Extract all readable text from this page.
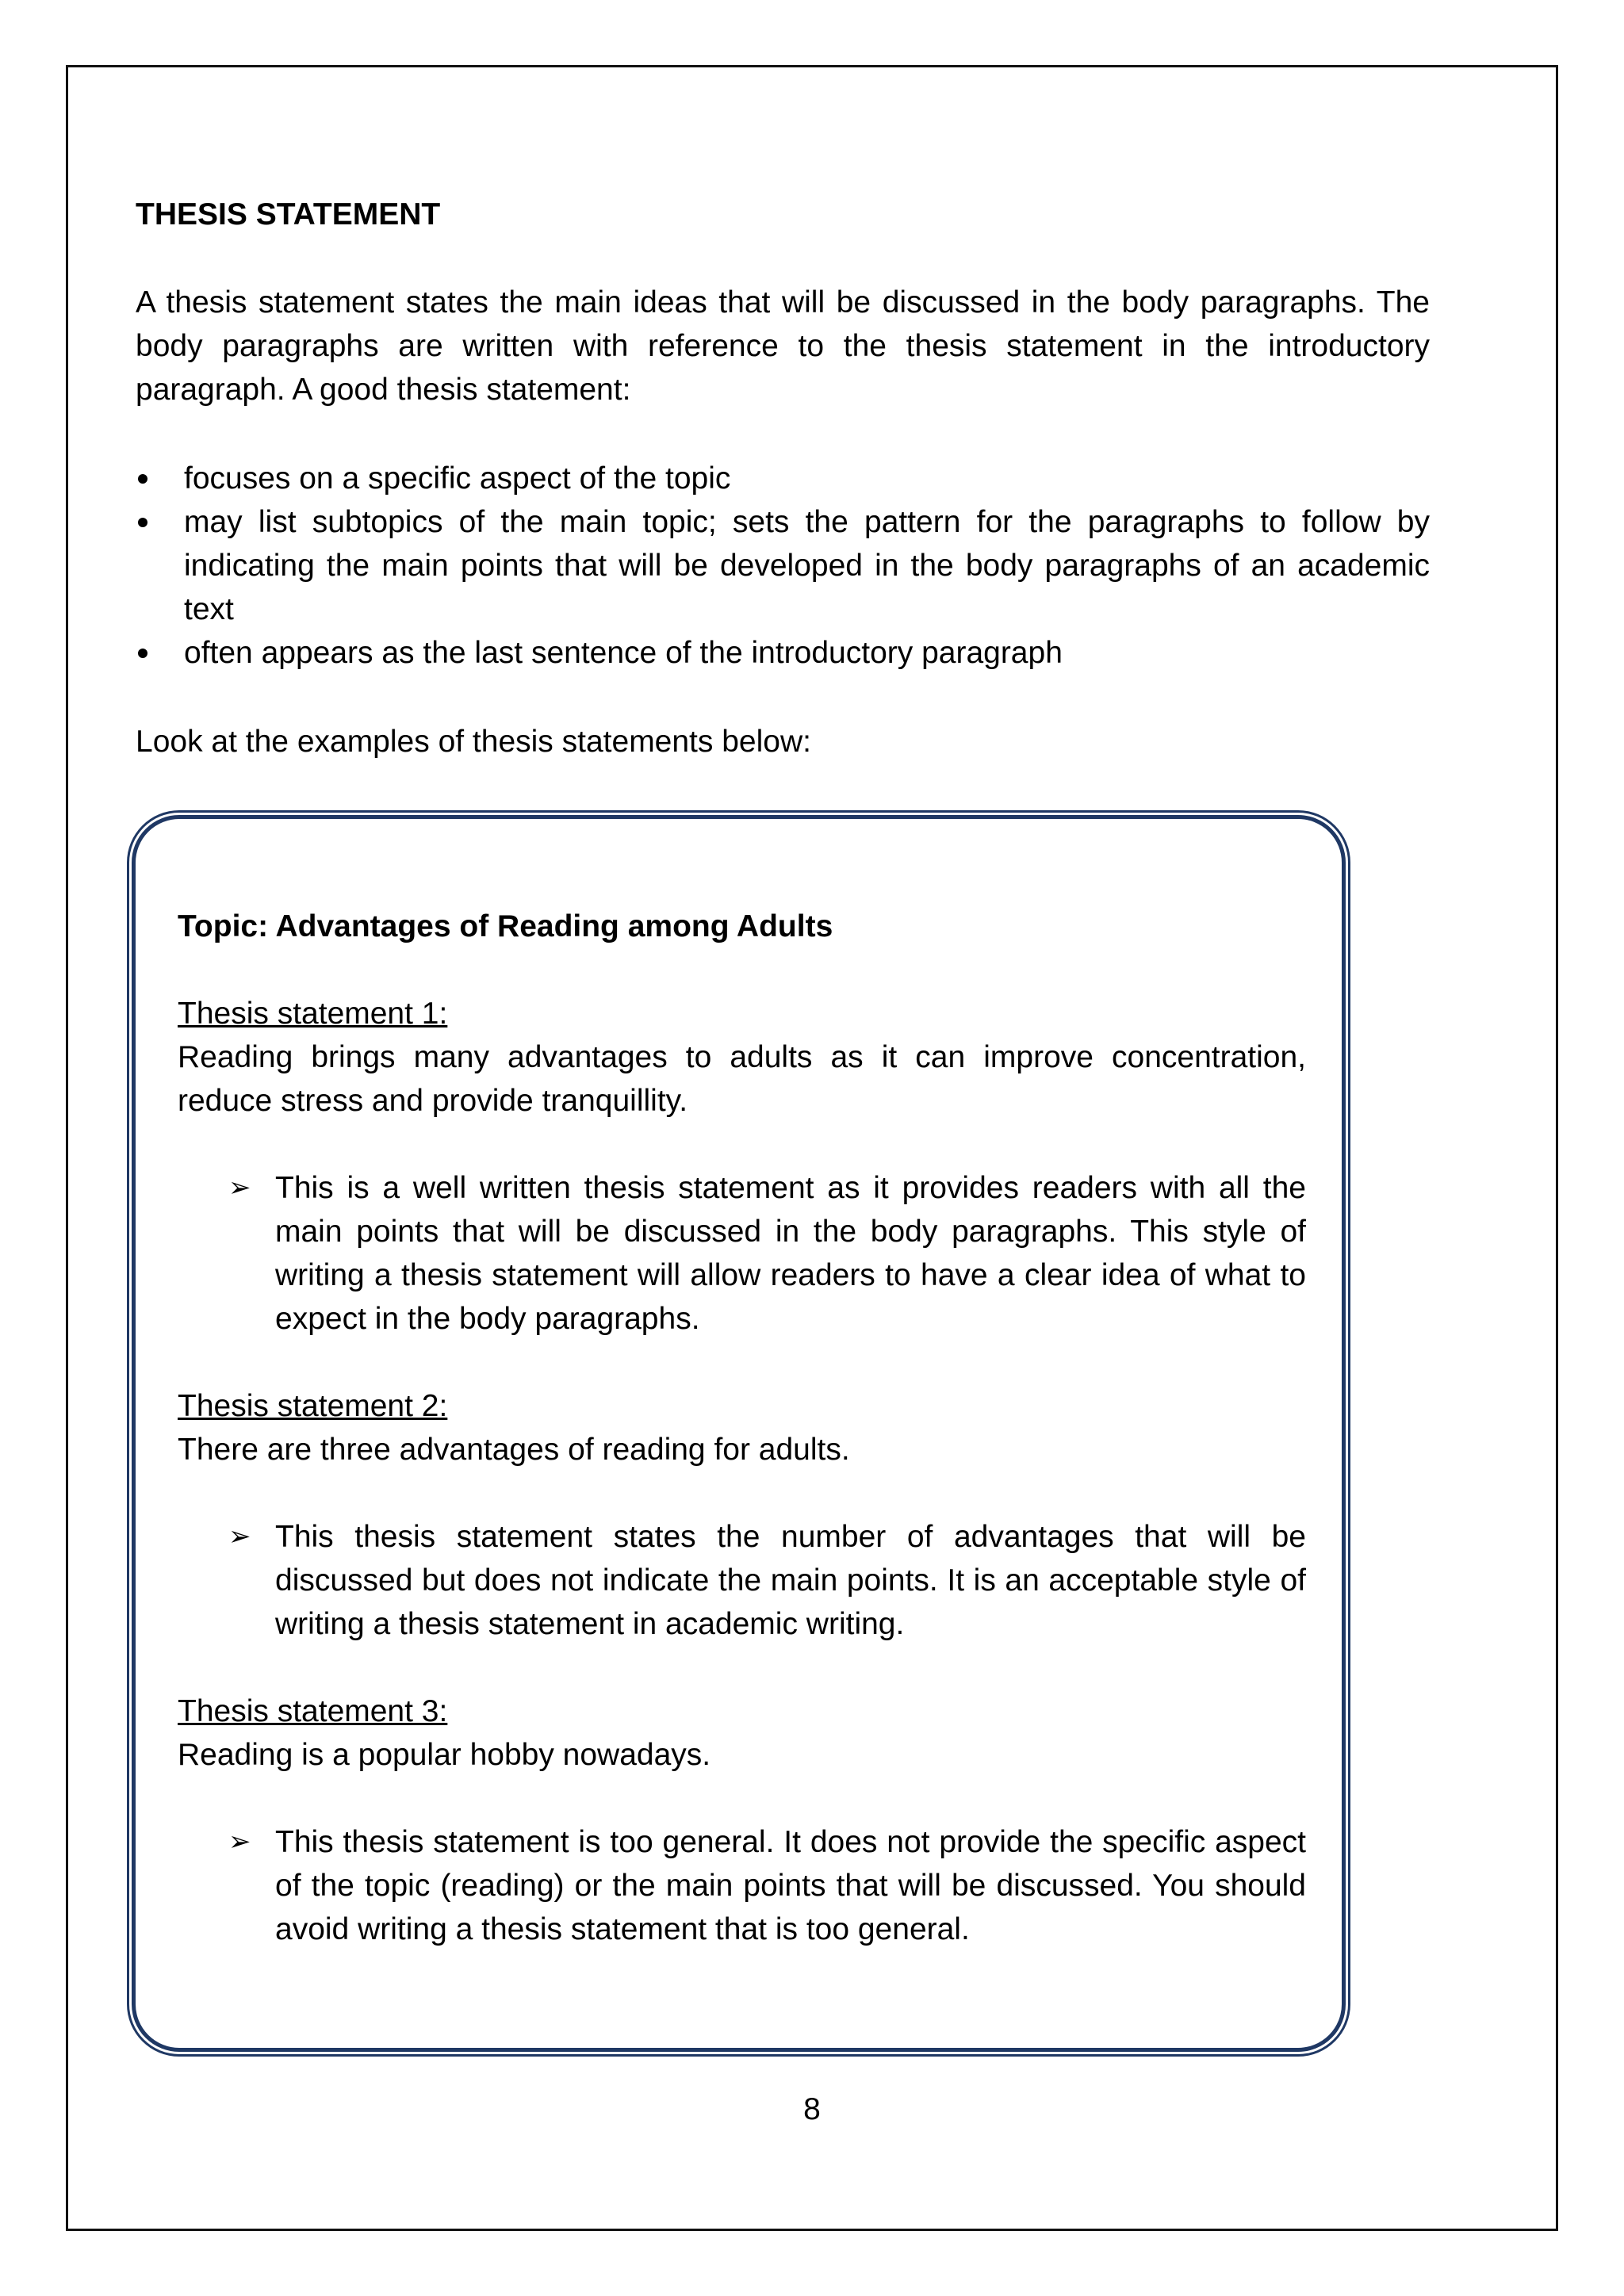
THESIS STATEMENT

A thesis statement states the main ideas that will be discussed in the body paragraphs. The body paragraphs are written with reference to the thesis statement in the introductory paragraph. A good thesis statement:

focuses on a specific aspect of the topic
may list subtopics of the main topic; sets the pattern for the paragraphs to follow by indicating the main points that will be developed in the body paragraphs of an academic text
often appears as the last sentence of the introductory paragraph

Look at the examples of thesis statements below:

Topic: Advantages of Reading among Adults

Thesis statement 1:

Reading brings many advantages to adults as it can improve concentration, reduce stress and provide tranquillity.

➢ This is a well written thesis statement as it provides readers with all the main points that will be discussed in the body paragraphs. This style of writing a thesis statement will allow readers to have a clear idea of what to expect in the body paragraphs.

Thesis statement 2:

There are three advantages of reading for adults.

➢ This thesis statement states the number of advantages that will be discussed but does not indicate the main points. It is an acceptable style of writing a thesis statement in academic writing.

Thesis statement 3:

Reading is a popular hobby nowadays.

➢ This thesis statement is too general. It does not provide the specific aspect of the topic (reading) or the main points that will be discussed. You should avoid writing a thesis statement that is too general.

8
